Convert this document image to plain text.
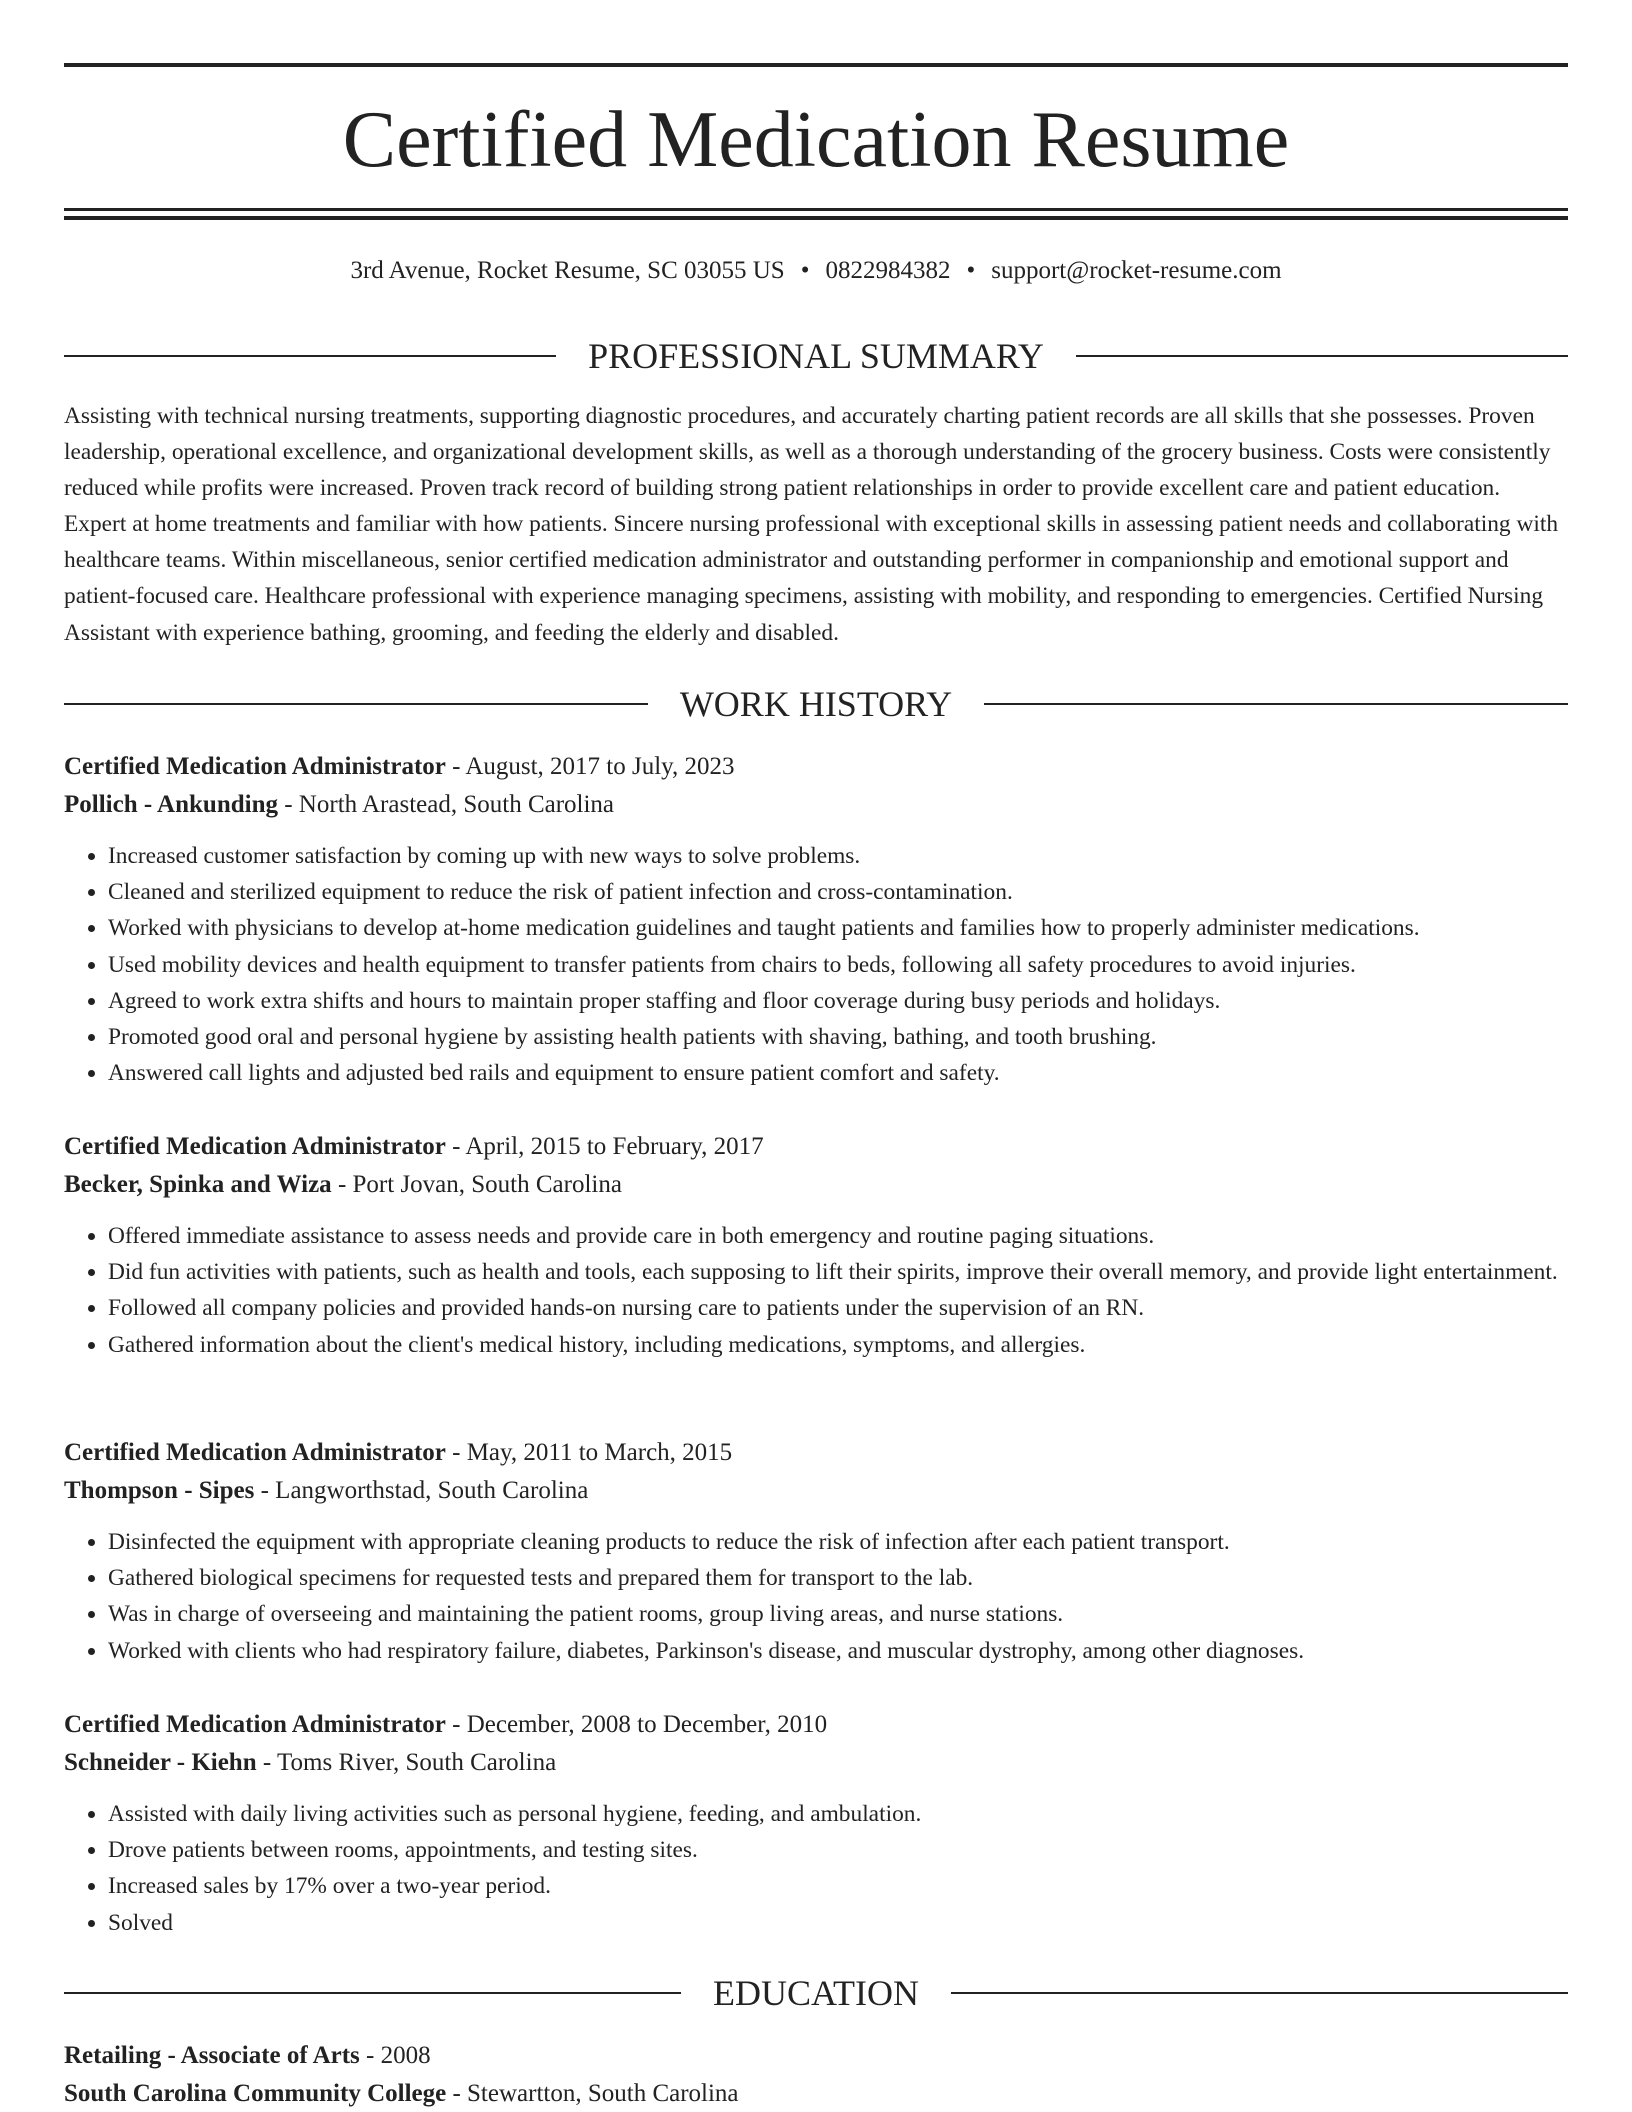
Certified Medication Resume
3rd Avenue, Rocket Resume, SC 03055 US • 0822984382 • support@rocket-resume.com
PROFESSIONAL SUMMARY

Assisting with technical nursing treatments, supporting diagnostic procedures, and accurately charting patient records are all skills that she possesses. Proven leadership, operational excellence, and organizational development skills, as well as a thorough understanding of the grocery business. Costs were consistently reduced while profits were increased. Proven track record of building strong patient relationships in order to provide excellent care and patient education. Expert at home treatments and familiar with how patients. Sincere nursing professional with exceptional skills in assessing patient needs and collaborating with healthcare teams. Within miscellaneous, senior certified medication administrator and outstanding performer in companionship and emotional support and patient-focused care. Healthcare professional with experience managing specimens, assisting with mobility, and responding to emergencies. Certified Nursing Assistant with experience bathing, grooming, and feeding the elderly and disabled.

WORK HISTORY
Certified Medication Administrator - August, 2017 to July, 2023
Pollich - Ankunding - North Arastead, South Carolina
• Increased customer satisfaction by coming up with new ways to solve problems.
• Cleaned and sterilized equipment to reduce the risk of patient infection and cross-contamination.
• Worked with physicians to develop at-home medication guidelines and taught patients and families how to properly administer medications.
• Used mobility devices and health equipment to transfer patients from chairs to beds, following all safety procedures to avoid injuries.
• Agreed to work extra shifts and hours to maintain proper staffing and floor coverage during busy periods and holidays.
• Promoted good oral and personal hygiene by assisting health patients with shaving, bathing, and tooth brushing.
• Answered call lights and adjusted bed rails and equipment to ensure patient comfort and safety.
Certified Medication Administrator - April, 2015 to February, 2017
Becker, Spinka and Wiza - Port Jovan, South Carolina
• Offered immediate assistance to assess needs and provide care in both emergency and routine paging situations.
• Did fun activities with patients, such as health and tools, each supposing to lift their spirits, improve their overall memory, and provide light entertainment.
• Followed all company policies and provided hands-on nursing care to patients under the supervision of an RN.
• Gathered information about the client's medical history, including medications, symptoms, and allergies.
Certified Medication Administrator - May, 2011 to March, 2015
Thompson - Sipes - Langworthstad, South Carolina
• Disinfected the equipment with appropriate cleaning products to reduce the risk of infection after each patient transport.
• Gathered biological specimens for requested tests and prepared them for transport to the lab.
• Was in charge of overseeing and maintaining the patient rooms, group living areas, and nurse stations.
• Worked with clients who had respiratory failure, diabetes, Parkinson's disease, and muscular dystrophy, among other diagnoses.
Certified Medication Administrator - December, 2008 to December, 2010
Schneider - Kiehn - Toms River, South Carolina
• Assisted with daily living activities such as personal hygiene, feeding, and ambulation.
• Drove patients between rooms, appointments, and testing sites.
• Increased sales by 17% over a two-year period.
• Solved
EDUCATION
Retailing - Associate of Arts - 2008
South Carolina Community College - Stewartton, South Carolina
